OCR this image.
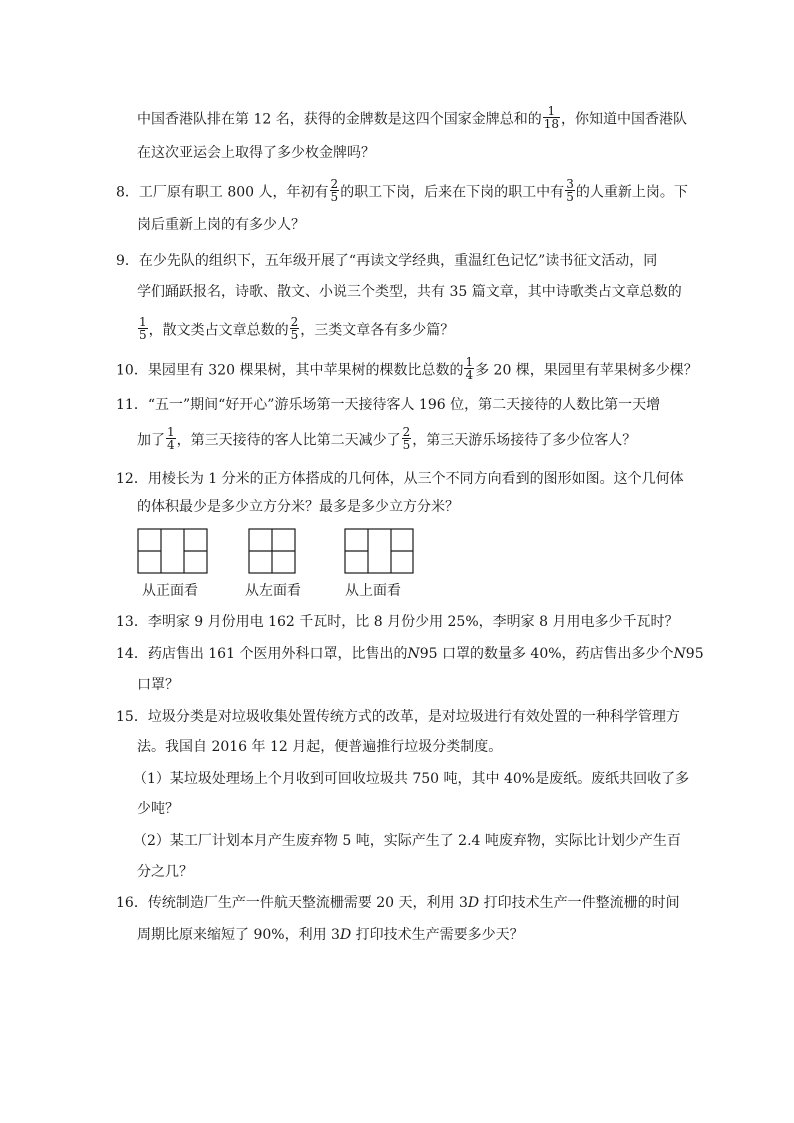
中国香港队排在第 12 名，获得的金牌数是这四个国家金牌总和的 $\frac{1}{18}$ ，你知道中国香港队
在这次亚运会上取得了多少枚金牌吗？
8．工厂原有职工 800 人，年初有 $\frac{2}{5}$ 的职工下岗，后来在下岗的职工中有 $\frac{3}{5}$ 的人重新上岗。下
岗后重新上岗的有多少人？
9．在少先队的组织下，五年级开展了“再读文学经典，重温红色记忆”读书征文活动，同
学们踊跃报名，诗歌、散文、小说三个类型，共有 35 篇文章，其中诗歌类占文章总数的
$\frac{1}{5}$ ，散文类占文章总数的 $\frac{2}{5}$ ，三类文章各有多少篇？
10．果园里有 320 棵果树，其中苹果树的棵数比总数的 $\frac{1}{4}$ 多 20 棵，果园里有苹果树多少棵？
11．“五一”期间“好开心”游乐场第一天接待客人 196 位，第二天接待的人数比第一天增
加了 $\frac{1}{4}$ ，第三天接待的客人比第二天减少了 $\frac{2}{5}$ ，第三天游乐场接待了多少位客人？
12．用棱长为 1 分米的正方体搭成的几何体，从三个不同方向看到的图形如图。这个几何体
的体积最少是多少立方分米？最多是多少立方分米？
从正面看	从左面看	从上面看
13．李明家 9 月份用电 162 千瓦时，比 8 月份少用 25%，李明家 8 月用电多少千瓦时？
14．药店售出 161 个医用外科口罩，比售出的N95 口罩的数量多 40%，药店售出多少个N95
口罩？
15．垃圾分类是对垃圾收集处置传统方式的改革，是对垃圾进行有效处置的一种科学管理方
法。我国自 2016 年 12 月起，便普遍推行垃圾分类制度。
（1）某垃圾处理场上个月收到可回收垃圾共 750 吨，其中 40%是废纸。废纸共回收了多
少吨？
（2）某工厂计划本月产生废弃物 5 吨，实际产生了 2.4 吨废弃物，实际比计划少产生百
分之几？
16．传统制造厂生产一件航天整流栅需要 20 天，利用 3D 打印技术生产一件整流栅的时间
周期比原来缩短了 90%，利用 3D 打印技术生产需要多少天？
